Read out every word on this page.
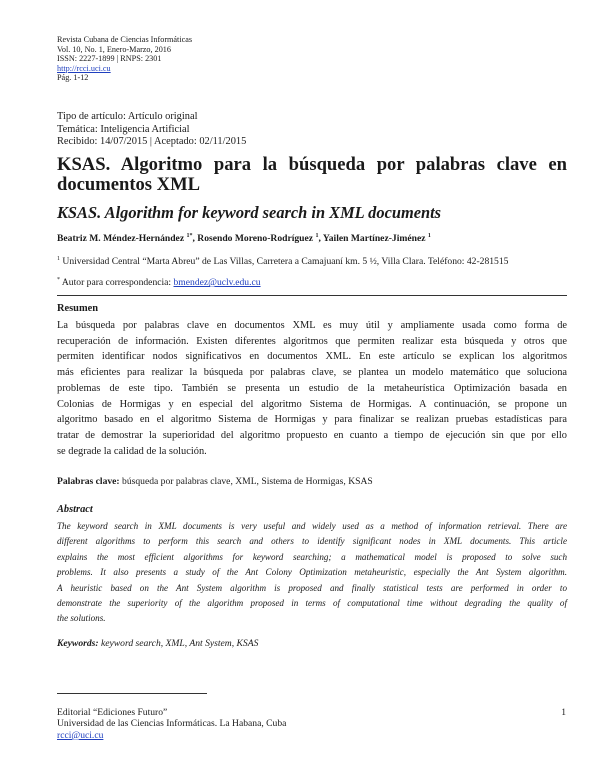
Revista Cubana de Ciencias Informáticas
Vol. 10, No. 1, Enero-Marzo, 2016
ISSN: 2227-1899 | RNPS: 2301
http://rcci.uci.cu
Pág. 1-12
Tipo de artículo: Artículo original
Temática: Inteligencia Artificial
Recibido: 14/07/2015 | Aceptado: 02/11/2015
KSAS. Algoritmo para la búsqueda por palabras clave en documentos XML
KSAS. Algorithm for keyword search in XML documents
Beatriz M. Méndez-Hernández $^{1*}$, Rosendo Moreno-Rodríguez $^1$, Yailen Martínez-Jiménez $^1$
$^1$ Universidad Central “Marta Abreu” de Las Villas, Carretera a Camajuaní km. 5 ½, Villa Clara. Teléfono: 42-281515
* Autor para correspondencia: bmendez@uclv.edu.cu
Resumen
La búsqueda por palabras clave en documentos XML es muy útil y ampliamente usada como forma de
recuperación de información. Existen diferentes algoritmos que permiten realizar esta búsqueda y otros que
permiten identificar nodos significativos en documentos XML. En este artículo se explican los algoritmos
más eficientes para realizar la búsqueda por palabras clave, se plantea un modelo matemático que soluciona
problemas de este tipo. También se presenta un estudio de la metaheurística Optimización basada en
Colonias de Hormigas y en especial del algoritmo Sistema de Hormigas. A continuación, se propone un
algoritmo basado en el algoritmo Sistema de Hormigas y para finalizar se realizan pruebas estadísticas para
tratar de demostrar la superioridad del algoritmo propuesto en cuanto a tiempo de ejecución sin que por ello
se degrade la calidad de la solución.
Palabras clave: búsqueda por palabras clave, XML, Sistema de Hormigas, KSAS
Abstract
The keyword search in XML documents is very useful and widely used as a method of information retrieval. There are
different algorithms to perform this search and others to identify significant nodes in XML documents. This article
explains the most efficient algorithms for keyword searching; a mathematical model is proposed to solve such
problems. It also presents a study of the Ant Colony Optimization metaheuristic, especially the Ant System algorithm.
A heuristic based on the Ant System algorithm is proposed and finally statistical tests are performed in order to
demonstrate the superiority of the algorithm proposed in terms of computational time without degrading the quality of
the solutions.
Keywords: keyword search, XML, Ant System, KSAS
Editorial “Ediciones Futuro”
Universidad de las Ciencias Informáticas. La Habana, Cuba
rcci@uci.cu
1
